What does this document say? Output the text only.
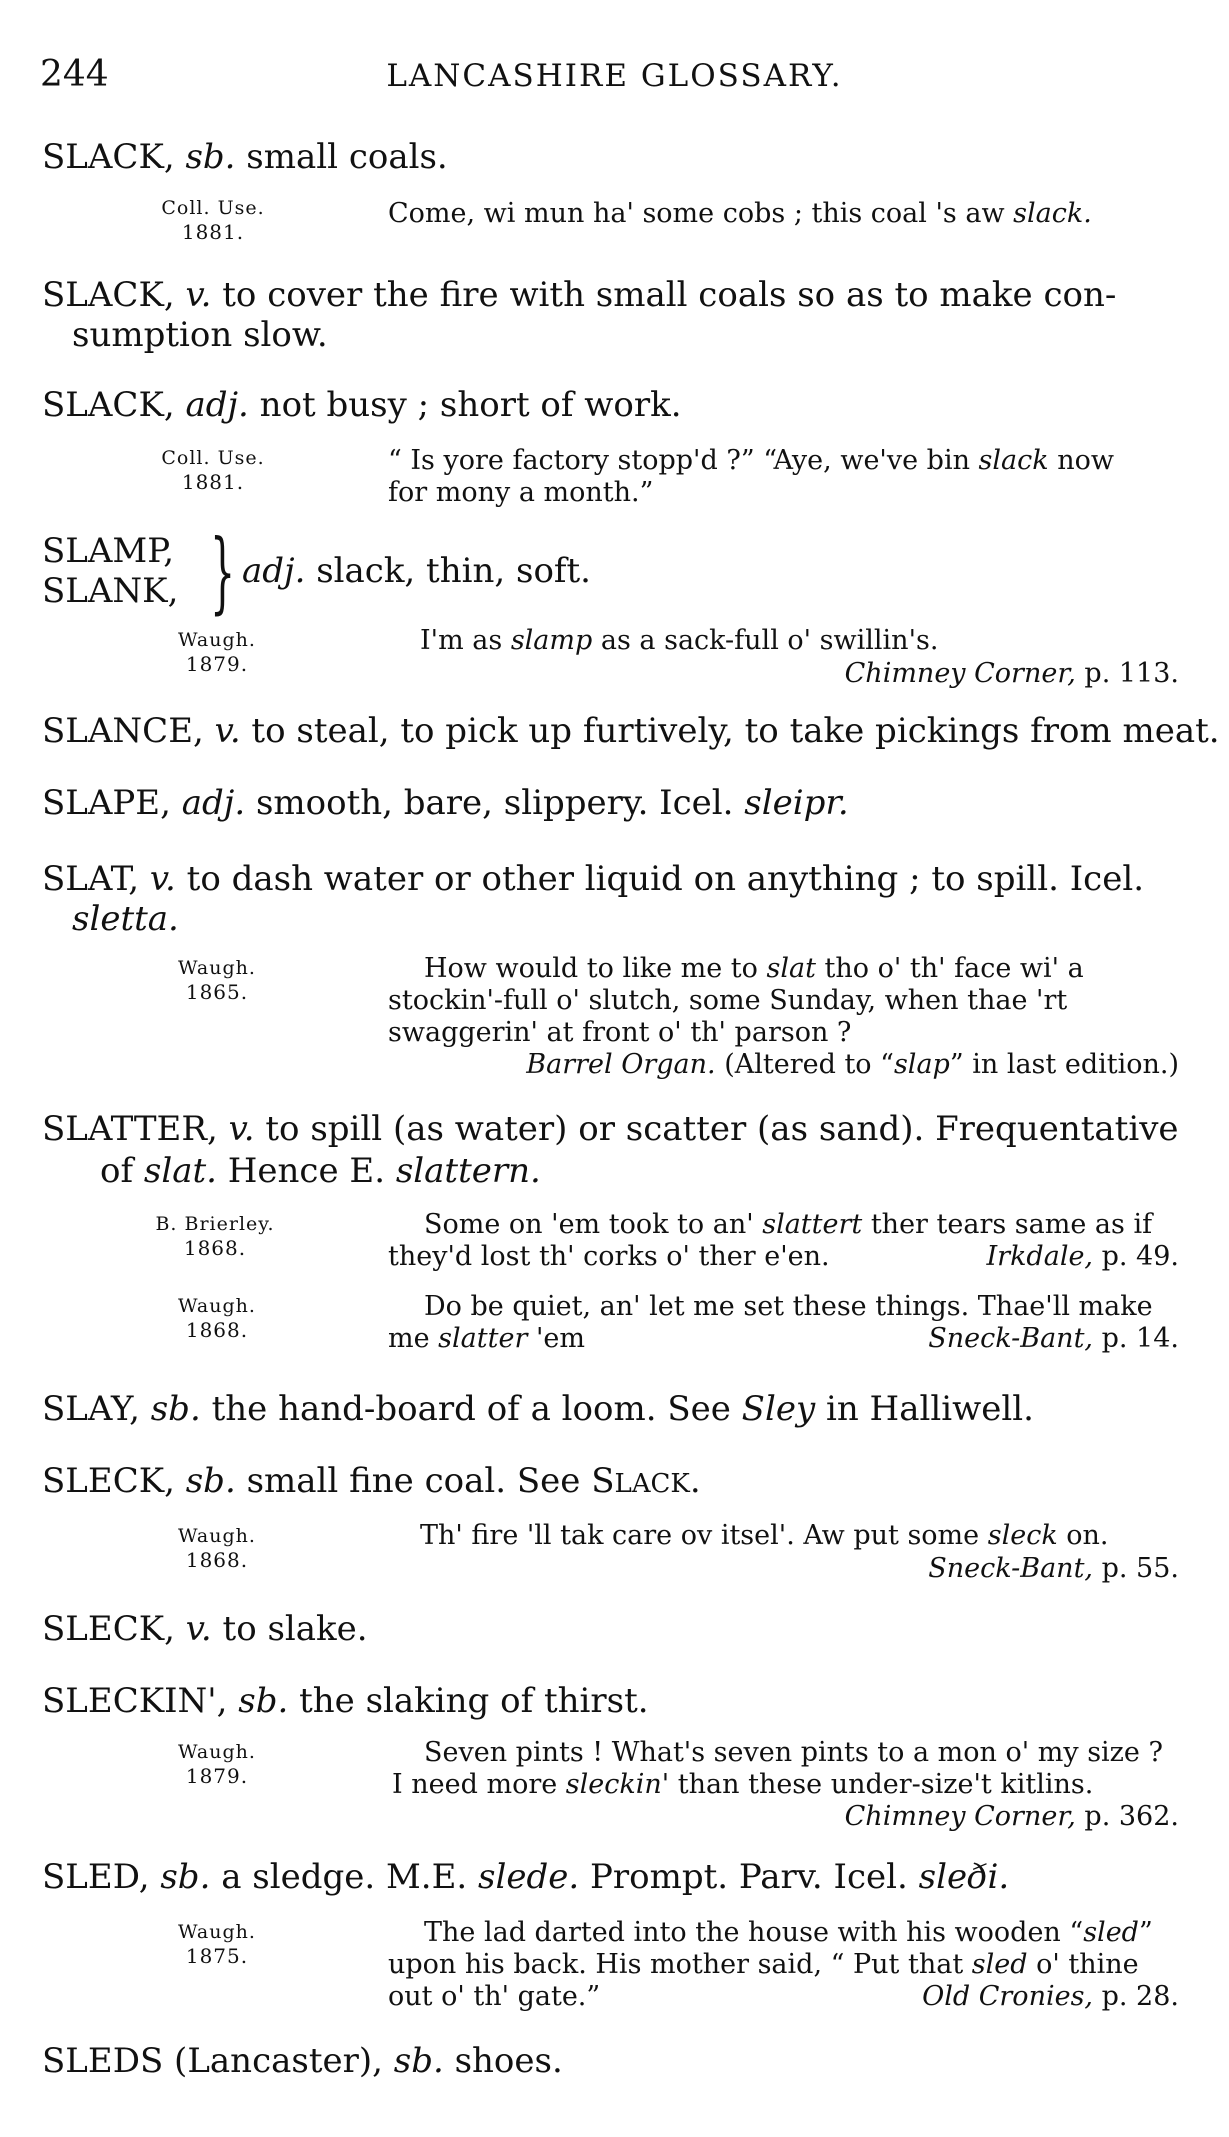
244	LANCASHIRE GLOSSARY.
SLACK, sb. small coals.
Coll. Use.
1881.
Come, wi mun ha' some cobs ; this coal 's aw slack.
SLACK, v. to cover the fire with small coals so as to make con-
sumption slow.
SLACK, adj. not busy ; short of work.
Coll. Use.
1881.
“ Is yore factory stopp'd ?” “Aye, we've bin slack now
for mony a month.”
SLAMP,
SLANK, } adj. slack, thin, soft.
Waugh.
1879.
I'm as slamp as a sack-full o' swillin's.
Chimney Corner, p. 113.
SLANCE, v. to steal, to pick up furtively, to take pickings from meat.
SLAPE, adj. smooth, bare, slippery. Icel. sleipr.
SLAT, v. to dash water or other liquid on anything ; to spill. Icel.
sletta.
Waugh.
1865.
How would to like me to slat tho o' th' face wi' a
stockin'-full o' slutch, some Sunday, when thae 'rt
swaggerin' at front o' th' parson ?
Barrel Organ. (Altered to “slap” in last edition.)
SLATTER, v. to spill (as water) or scatter (as sand). Frequentative
of slat. Hence E. slattern.
B. Brierley.
1868.
Some on 'em took to an' slattert ther tears same as if
they'd lost th' corks o' ther e'en.	Irkdale, p. 49.
Waugh.
1868.
Do be quiet, an' let me set these things. Thae'll make
me slatter 'em	Sneck-Bant, p. 14.
SLAY, sb. the hand-board of a loom. See Sley in Halliwell.
SLECK, sb. small fine coal. See SLACK.
Waugh.
1868.
Th' fire 'll tak care ov itsel'. Aw put some sleck on.
Sneck-Bant, p. 55.
SLECK, v. to slake.
SLECKIN', sb. the slaking of thirst.
Waugh.
1879.
Seven pints ! What's seven pints to a mon o' my size ?
I need more sleckin' than these under-size't kitlins.
Chimney Corner, p. 362.
SLED, sb. a sledge. M.E. slede. Prompt. Parv. Icel. sleði.
Waugh.
1875.
The lad darted into the house with his wooden “sled”
upon his back. His mother said, “ Put that sled o' thine
out o' th' gate.”	Old Cronies, p. 28.
SLEDS (Lancaster), sb. shoes.
